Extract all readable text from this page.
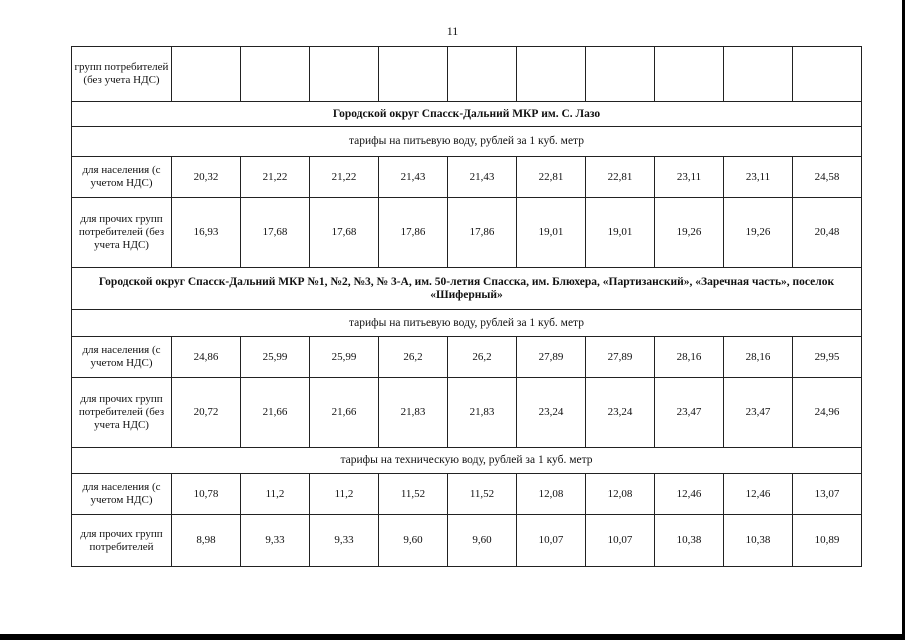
11
групп потребителей (без учета НДС)										
Городской округ Спасск-Дальний МКР им. С. Лазо										
тарифы на питьевую воду, рублей за 1 куб. метр										
для населения (с учетом НДС)	20,32	21,22	21,22	21,43	21,43	22,81	22,81	23,11	23,11	24,58
для прочих групп потребителей (без учета НДС)	16,93	17,68	17,68	17,86	17,86	19,01	19,01	19,26	19,26	20,48
Городской округ Спасск-Дальний МКР №1, №2, №3, № 3-А, им. 50-летия Спасска, им. Блюхера, «Партизанский», «Заречная часть», поселок «Шиферный»										
тарифы на питьевую воду, рублей за 1 куб. метр										
для населения (с учетом НДС)	24,86	25,99	25,99	26,2	26,2	27,89	27,89	28,16	28,16	29,95
для прочих групп потребителей (без учета НДС)	20,72	21,66	21,66	21,83	21,83	23,24	23,24	23,47	23,47	24,96
тарифы на техническую воду, рублей за 1 куб. метр										
для населения (с учетом НДС)	10,78	11,2	11,2	11,52	11,52	12,08	12,08	12,46	12,46	13,07
для прочих групп потребителей	8,98	9,33	9,33	9,60	9,60	10,07	10,07	10,38	10,38	10,89
